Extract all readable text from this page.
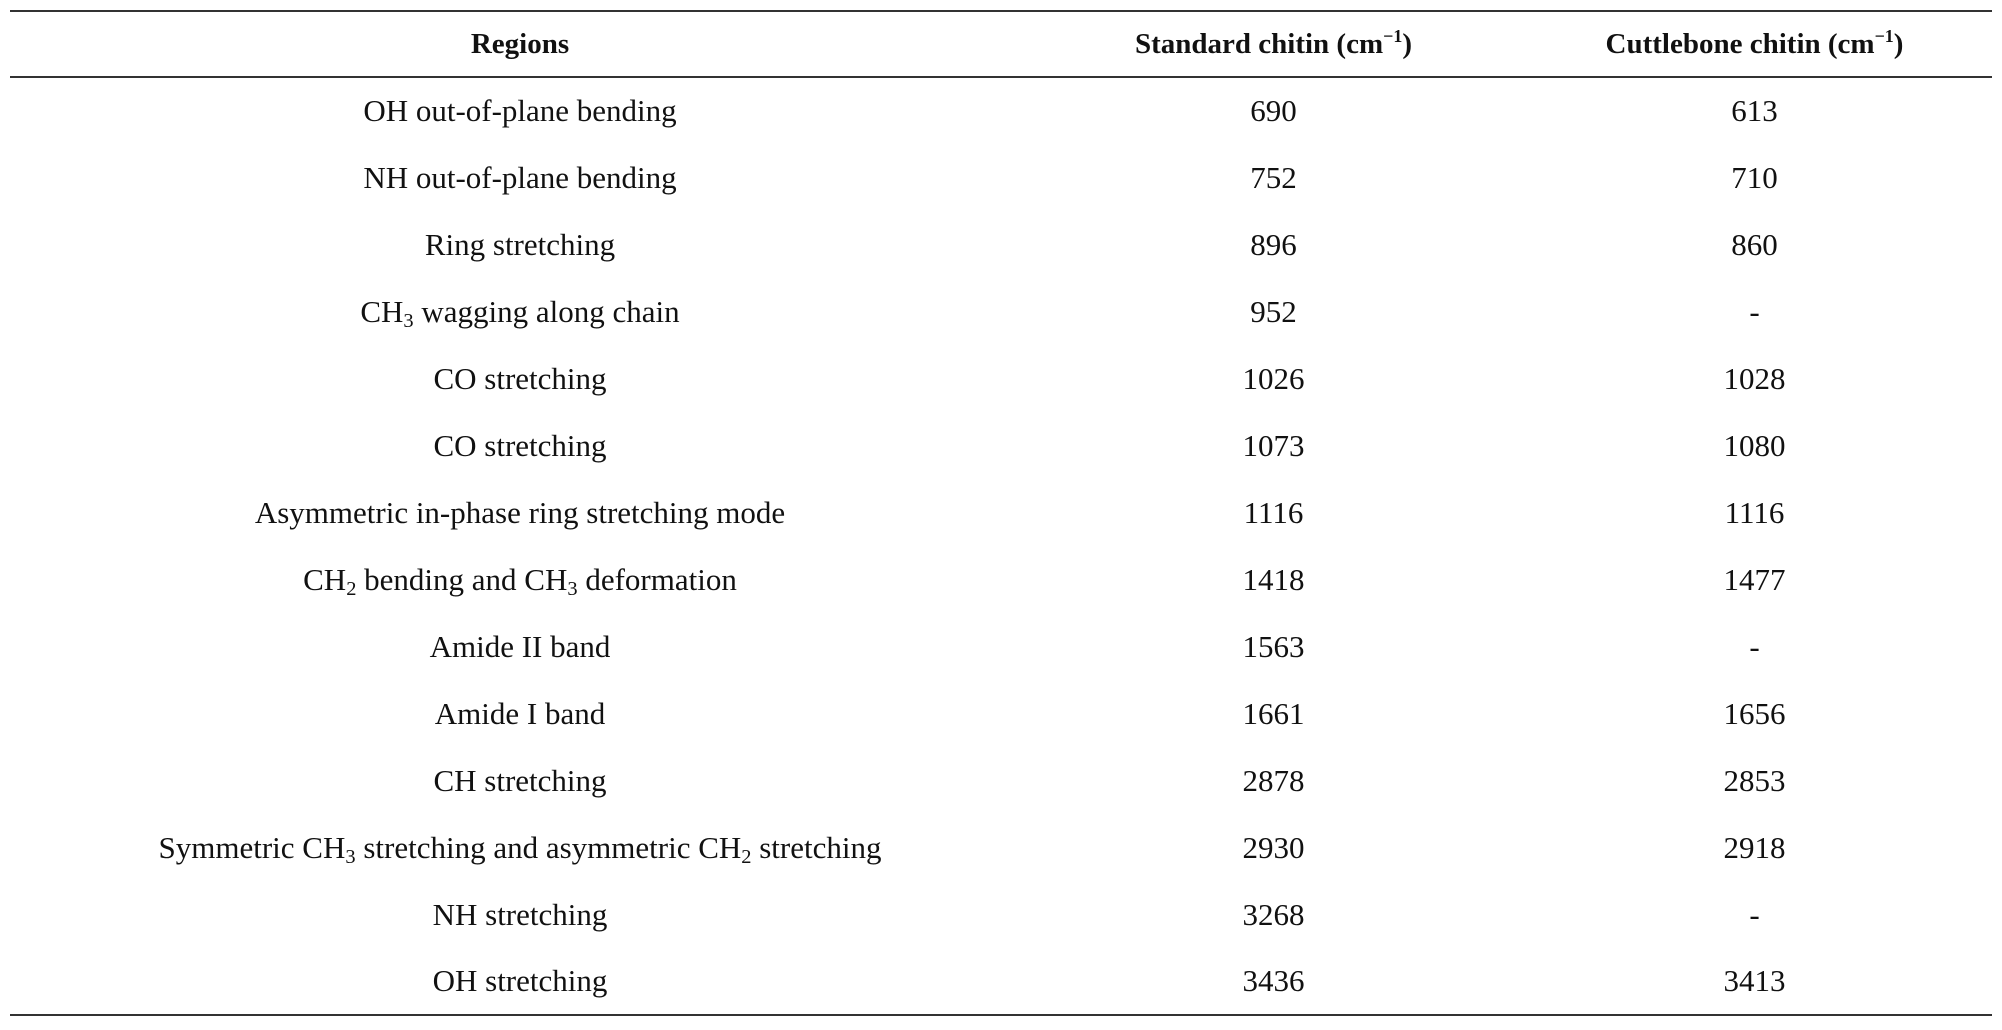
Regions	Standard chitin $(cm^{-1})$	Cuttlebone chitin $(cm^{-1})$
OH out-of-plane bending	690	613
NH out-of-plane bending	752	710
Ring stretching	896	860
$CH_3$ wagging along chain	952	-
CO stretching	1026	1028
CO stretching	1073	1080
Asymmetric in-phase ring stretching mode	1116	1116
$CH_2$ bending and $CH_3$ deformation	1418	1477
Amide II band	1563	-
Amide I band	1661	1656
CH stretching	2878	2853
Symmetric $CH_3$ stretching and asymmetric $CH_2$ stretching	2930	2918
NH stretching	3268	-
OH stretching	3436	3413
